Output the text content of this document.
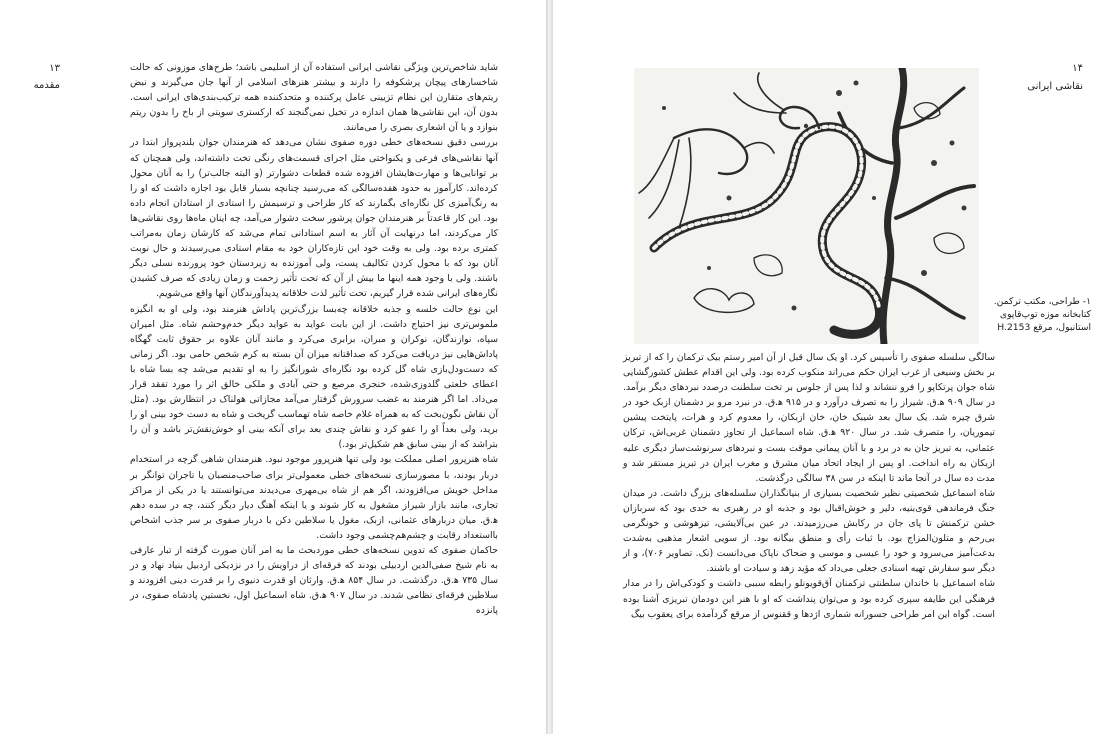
۱۳
مقدمه

شاید شاخص‌ترین ویژگی نقاشی ایرانی استفاده آن از اسلیمی باشد؛ طرح‌های موزونی که حالت شاخسارهای پیچان پرشکوفه را دارند و بیشتر هنرهای اسلامی از آنها جان می‌گیرند و نبض ریتم‌های متقارن این نظام تزیینی عامل پرکننده و متحدکننده همه ترکیب‌بندی‌های ایرانی است. بدون آن، این نقاشی‌ها همان اندازه در تخیل نمی‌گنجند که ارکستری سویتی از باخ را بدون ریتم بنوازد و یا آن اشعاری بصری را می‌مانند.

بررسی دقیق نسخه‌های خطی دوره صفوی نشان می‌دهد که هنرمندان جوان بلندپرواز ابتدا در آنها نقاشی‌های فرعی و یکنواختی مثل اجرای قسمت‌های رنگی تخت داشته‌اند، ولی همچنان که بر توانایی‌ها و مهارت‌هایشان افزوده شده قطعات دشوارتر (و البته جالب‌تر) را به آنان محول کرده‌اند. کارآموز به حدود هفده‌سالگی که می‌رسید چنانچه بسیار قابل بود اجازه داشت که او را به رنگ‌آمیزی کل نگاره‌ای بگمارند که کار طراحی و ترسیمش را استادی از استادان انجام داده بود. این کار قاعدتاً بر هنرمندان جوان پرشور سخت دشوار می‌آمد، چه اینان ماه‌ها روی نقاشی‌ها کار می‌کردند، اما درنهایت آن آثار به اسم استادانی تمام می‌شد که کارشان زمان به‌مراتب کمتری برده بود. ولی به وقت خود این تازه‌کاران خود به مقام استادی می‌رسیدند و حال نوبت آنان بود که با محول کردن تکالیف پست، ولی آموزنده به زیردستان خود پرورنده نسلی دیگر باشند. ولی با وجود همه اینها ما بیش از آن که تحت تأثیر زحمت و زمان زیادی که صرف کشیدن نگاره‌های ایرانی شده قرار گیریم، تحت تأثیر لذت خلاقانه پدیدآورندگان آنها واقع می‌شویم.

این نوع حالت خلسه و جذبه خلاقانه چه‌بسا بزرگ‌ترین پاداش هنرمند بود، ولی او به انگیزه ملموس‌تری نیز احتیاج داشت. از این بابت عواید به عواید دیگر خدم‌وحشم شاه. مثل امیران سپاه، نوازندگان، نوکران و مبران، برابری می‌کرد و مانند آنان علاوه بر حقوق ثابت گهگاه پاداش‌هایی نیز دریافت می‌کرد که صداقتانه میزان آن بسته به کرم شخص حامی بود. اگر زمانی که دست‌ودل‌بازی شاه گل کرده بود نگاره‌ای شورانگیز را به او تقدیم می‌شد چه بسا شاه با اعطای خلعتی گلدوزی‌شده، خنجری مرصع و حتی آبادی و ملکی خالق اثر را مورد تفقد قرار می‌داد. اما اگر هنرمند به غضب سرورش گرفتار می‌آمد مجازاتی هولناک در انتظارش بود. (مثل آن نقاش نگون‌بخت که به همراه غلام خاصه شاه تهماسب گریخت و شاه به دست خود بینی او را برید، ولی بعداً او را عفو کرد و نقاش چندی بعد برای آنکه بینی او خوش‌نقش‌تر باشد و آن را بتراشد که از بینی سابق هم شکیل‌تر بود.)

شاه هنرپرور اصلی مملکت بود ولی تنها هنرپرور موجود نبود. هنرمندان شاهی گرچه در استخدام دربار بودند، با مصورسازی نسخه‌های خطی معمولی‌تر برای صاحب‌منصبان یا تاجران توانگر بر مداخل خویش می‌افزودند، اگر هم از شاه بی‌مهری می‌دیدند می‌توانستند یا در یکی از مراکز تجاری، مانند بازار شیراز مشغول به کار شوند و یا اینکه آهنگ دیار دیگر کنند، چه در سده دهم ه‍.ق. میان دربارهای عثمانی، ازبک، مغول یا سلاطین دکن با دربار صفوی بر سر جذب اشخاص بااستعداد رقابت و چشم‌هم‌چشمی وجود داشت.

حاکمان صفوی که تدوین نسخه‌های خطی موردبحث ما به امر آنان صورت گرفته از تبار عارفی به نام شیخ صفی‌الدین اردبیلی بودند که فرقه‌ای از دراویش را در نزدیکی اردبیل بنیاد نهاد و در سال ۷۳۵ ه‍.ق. درگذشت. در سال ۸۵۴ ه‍.ق. وارثان او قدرت دنیوی را بر قدرت دینی افزودند و سلاطین فرقه‌ای نظامی شدند. در سال ۹۰۷ ه‍.ق. شاه اسماعیل اول، نخستین پادشاه صفوی، در پانزده

۱۴
نقاشی ایرانی
۱- طراحی، مکتب ترکمن.
کتابخانه موزه توپ‌قاپوی
استانبول، مرقع H.2153

سالگی سلسله صفوی را تأسیس کرد. او یک سال قبل از آن امیر رستم بیک ترکمان را که از تبریز بر بخش وسیعی از غرب ایران حکم می‌راند منکوب کرده بود. ولی این اقدام عطش کشورگشایی شاه جوان پرتکاپو را فرو ننشاند و لذا پس از جلوس بر تخت سلطنت درصدد نبردهای دیگر برآمد. در سال ۹۰۹ ه‍.ق. شیراز را به تصرف درآورد و در ۹۱۵ ه‍.ق. در نبرد مرو بر دشمنان ازبک خود در شرق چیره شد. یک سال بعد شیبک خان، خان ازبکان، را معدوم کرد و هرات، پایتخت پیشین تیموریان، را متصرف شد. در سال ۹۲۰ ه‍.ق. شاه اسماعیل از تجاوز دشمنان غربی‌اش، ترکان عثمانی، به تبریز جان به در برد و با آنان پیمانی موقت بست و نبردهای سرنوشت‌ساز دیگری علیه ازبکان به راه انداخت. او پس از ایجاد اتحاد میان مشرق و مغرب ایران در تبریز مستقر شد و مدت ده سال در آنجا ماند تا اینکه در سن ۳۸ سالگی درگذشت.

شاه اسماعیل شخصیتی نظیر شخصیت بسیاری از بنیانگذاران سلسله‌های بزرگ داشت. در میدان جنگ فرماندهی قوی‌بنیه، دلیر و خوش‌اقبال بود و جذبه او در رهبری به حدی بود که سربازان خشن ترکمنش تا پای جان در رکابش می‌رزمیدند. در عین بی‌آلایشی، تیزهوشی و خونگرمی بی‌رحم و متلون‌المزاج بود. با ثبات رأی و منطق بیگانه بود. از سویی اشعار مذهبی به‌شدت بدعت‌آمیز می‌سرود و خود را عیسی و موسی و ضحاک ناپاک می‌دانست (نک. تصاویر ۷۰۶)، و از دیگر سو سفارش تهیه اسنادی جعلی می‌داد که مؤید زهد و سیادت او باشند.

شاه اسماعیل با خاندان سلطنتی ترکمنان آق‌قویونلو رابطه سببی داشت و کودکی‌اش را در مدار فرهنگی این طایفه سپری کرده بود و می‌توان پنداشت که او با هنر این دودمان تبریزی آشنا بوده است. گواه این امر طراحی جسورانه شماری اژدها و ققنوس از مرقع گردآمده برای یعقوب بیگ
